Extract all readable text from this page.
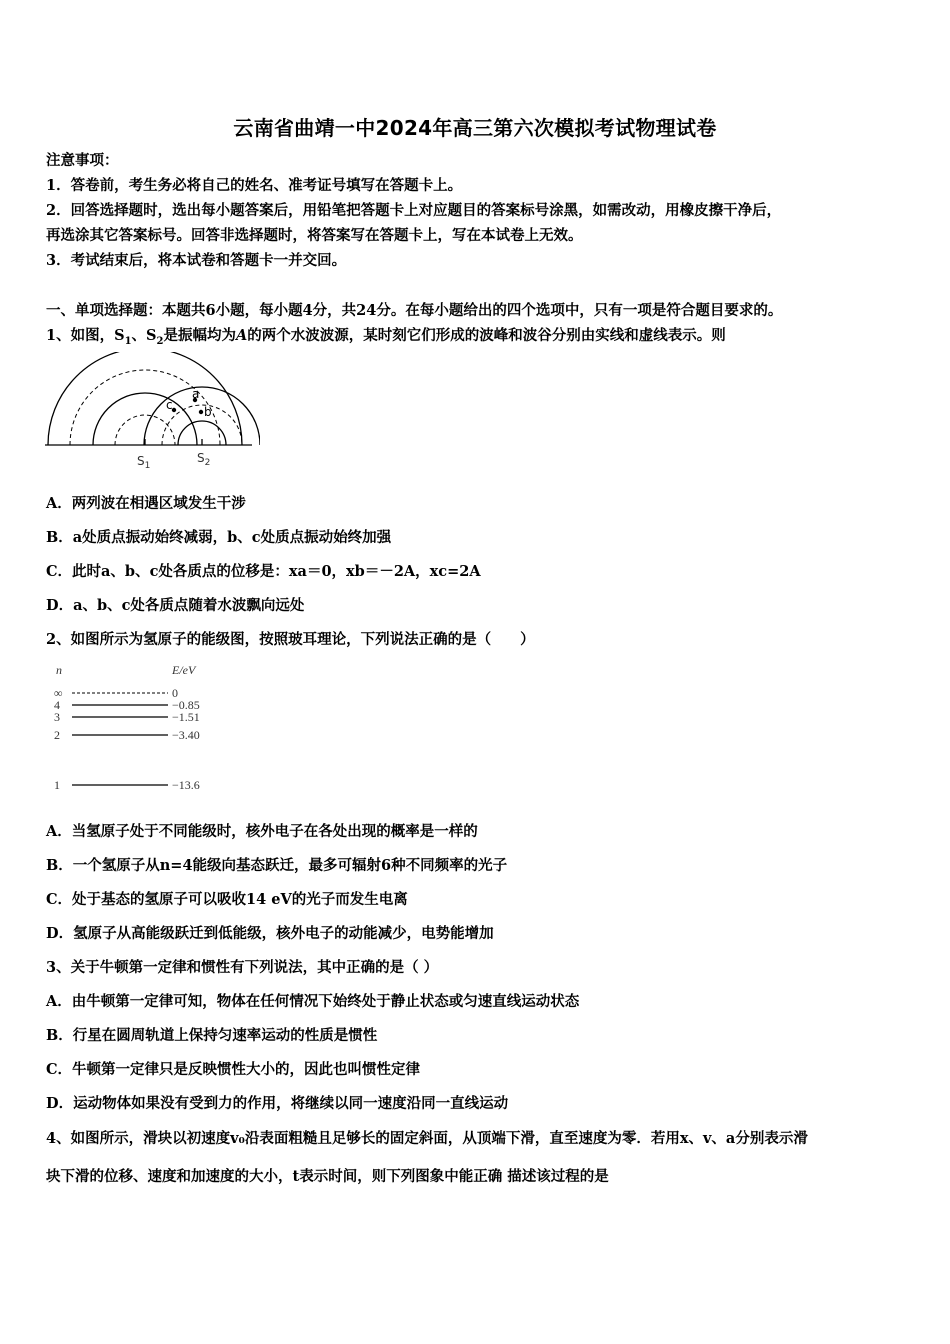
云南省曲靖一中2024年高三第六次模拟考试物理试卷
注意事项：
1．答卷前，考生务必将自己的姓名、准考证号填写在答题卡上。
2．回答选择题时，选出每小题答案后，用铅笔把答题卡上对应题目的答案标号涂黑，如需改动，用橡皮擦干净后，
再选涂其它答案标号。回答非选择题时，将答案写在答题卡上，写在本试卷上无效。
3．考试结束后，将本试卷和答题卡一并交回。
一、单项选择题：本题共6小题，每小题4分，共24分。在每小题给出的四个选项中，只有一项是符合题目要求的。
1、如图，$S_1$、$S_2$是振幅均为A的两个水波波源，某时刻它们形成的波峰和波谷分别由实线和虚线表示。则
a
b
c
$S_1$
$S_2$
A．两列波在相遇区域发生干涉
B．a处质点振动始终减弱，b、c处质点振动始终加强
C．此时a、b、c处各质点的位移是：xa＝0，xb＝－2A，xc=2A
D．a、b、c处各质点随着水波飘向远处
2、如图所示为氢原子的能级图，按照玻耳理论，下列说法正确的是（　　）
n	E/eV
∞	0
4	−0.85
3	−1.51
2	−3.40
1	−13.6
A．当氢原子处于不同能级时，核外电子在各处出现的概率是一样的
B．一个氢原子从n=4能级向基态跃迁，最多可辐射6种不同频率的光子
C．处于基态的氢原子可以吸收14 eV的光子而发生电离
D．氢原子从高能级跃迁到低能级，核外电子的动能减少，电势能增加
3、关于牛顿第一定律和惯性有下列说法，其中正确的是（ ）
A．由牛顿第一定律可知，物体在任何情况下始终处于静止状态或匀速直线运动状态
B．行星在圆周轨道上保持匀速率运动的性质是惯性
C．牛顿第一定律只是反映惯性大小的，因此也叫惯性定律
D．运动物体如果没有受到力的作用，将继续以同一速度沿同一直线运动
4、如图所示，滑块以初速度v₀沿表面粗糙且足够长的固定斜面，从顶端下滑，直至速度为零．若用x、v、a分别表示滑
块下滑的位移、速度和加速度的大小，t表示时间，则下列图象中能正确 描述该过程的是
